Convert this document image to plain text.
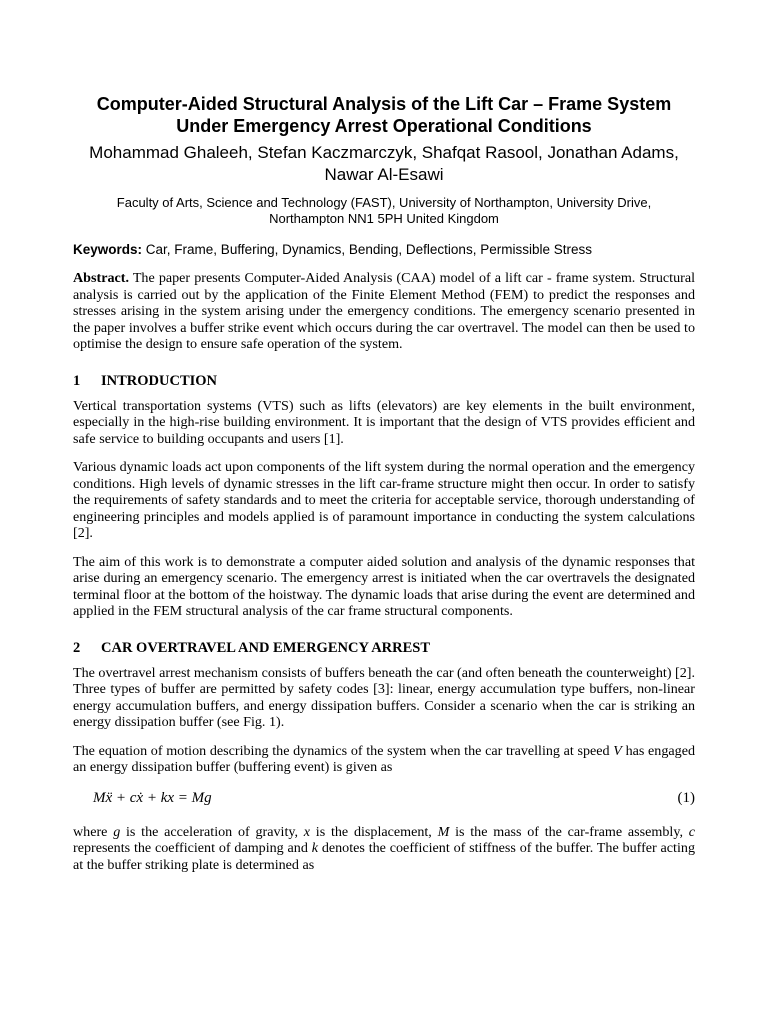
Computer-Aided Structural Analysis of the Lift Car – Frame System Under Emergency Arrest Operational Conditions
Mohammad Ghaleeh, Stefan Kaczmarczyk, Shafqat Rasool, Jonathan Adams, Nawar Al-Esawi
Faculty of Arts, Science and Technology (FAST), University of Northampton, University Drive,
Northampton NN1 5PH United Kingdom
Keywords: Car, Frame, Buffering, Dynamics, Bending, Deflections, Permissible Stress

Abstract. The paper presents Computer-Aided Analysis (CAA) model of a lift car - frame system. Structural analysis is carried out by the application of the Finite Element Method (FEM) to predict the responses and stresses arising in the system arising under the emergency conditions. The emergency scenario presented in the paper involves a buffer strike event which occurs during the car overtravel. The model can then be used to optimise the design to ensure safe operation of the system.

1 INTRODUCTION

Vertical transportation systems (VTS) such as lifts (elevators) are key elements in the built environment, especially in the high-rise building environment. It is important that the design of VTS provides efficient and safe service to building occupants and users [1].

Various dynamic loads act upon components of the lift system during the normal operation and the emergency conditions. High levels of dynamic stresses in the lift car-frame structure might then occur. In order to satisfy the requirements of safety standards and to meet the criteria for acceptable service, thorough understanding of engineering principles and models applied is of paramount importance in conducting the system calculations [2].

The aim of this work is to demonstrate a computer aided solution and analysis of the dynamic responses that arise during an emergency scenario. The emergency arrest is initiated when the car overtravels the designated terminal floor at the bottom of the hoistway. The dynamic loads that arise during the event are determined and applied in the FEM structural analysis of the car frame structural components.

2 CAR OVERTRAVEL AND EMERGENCY ARREST

The overtravel arrest mechanism consists of buffers beneath the car (and often beneath the counterweight) [2]. Three types of buffer are permitted by safety codes [3]: linear, energy accumulation type buffers, non-linear energy accumulation buffers, and energy dissipation buffers. Consider a scenario when the car is striking an energy dissipation buffer (see Fig. 1).

The equation of motion describing the dynamics of the system when the car travelling at speed V has engaged an energy dissipation buffer (buffering event) is given as

Mẍ + cẋ + kx = Mg	(1)

where g is the acceleration of gravity, x is the displacement, M is the mass of the car-frame assembly, c represents the coefficient of damping and k denotes the coefficient of stiffness of the buffer. The buffer acting at the buffer striking plate is determined as
